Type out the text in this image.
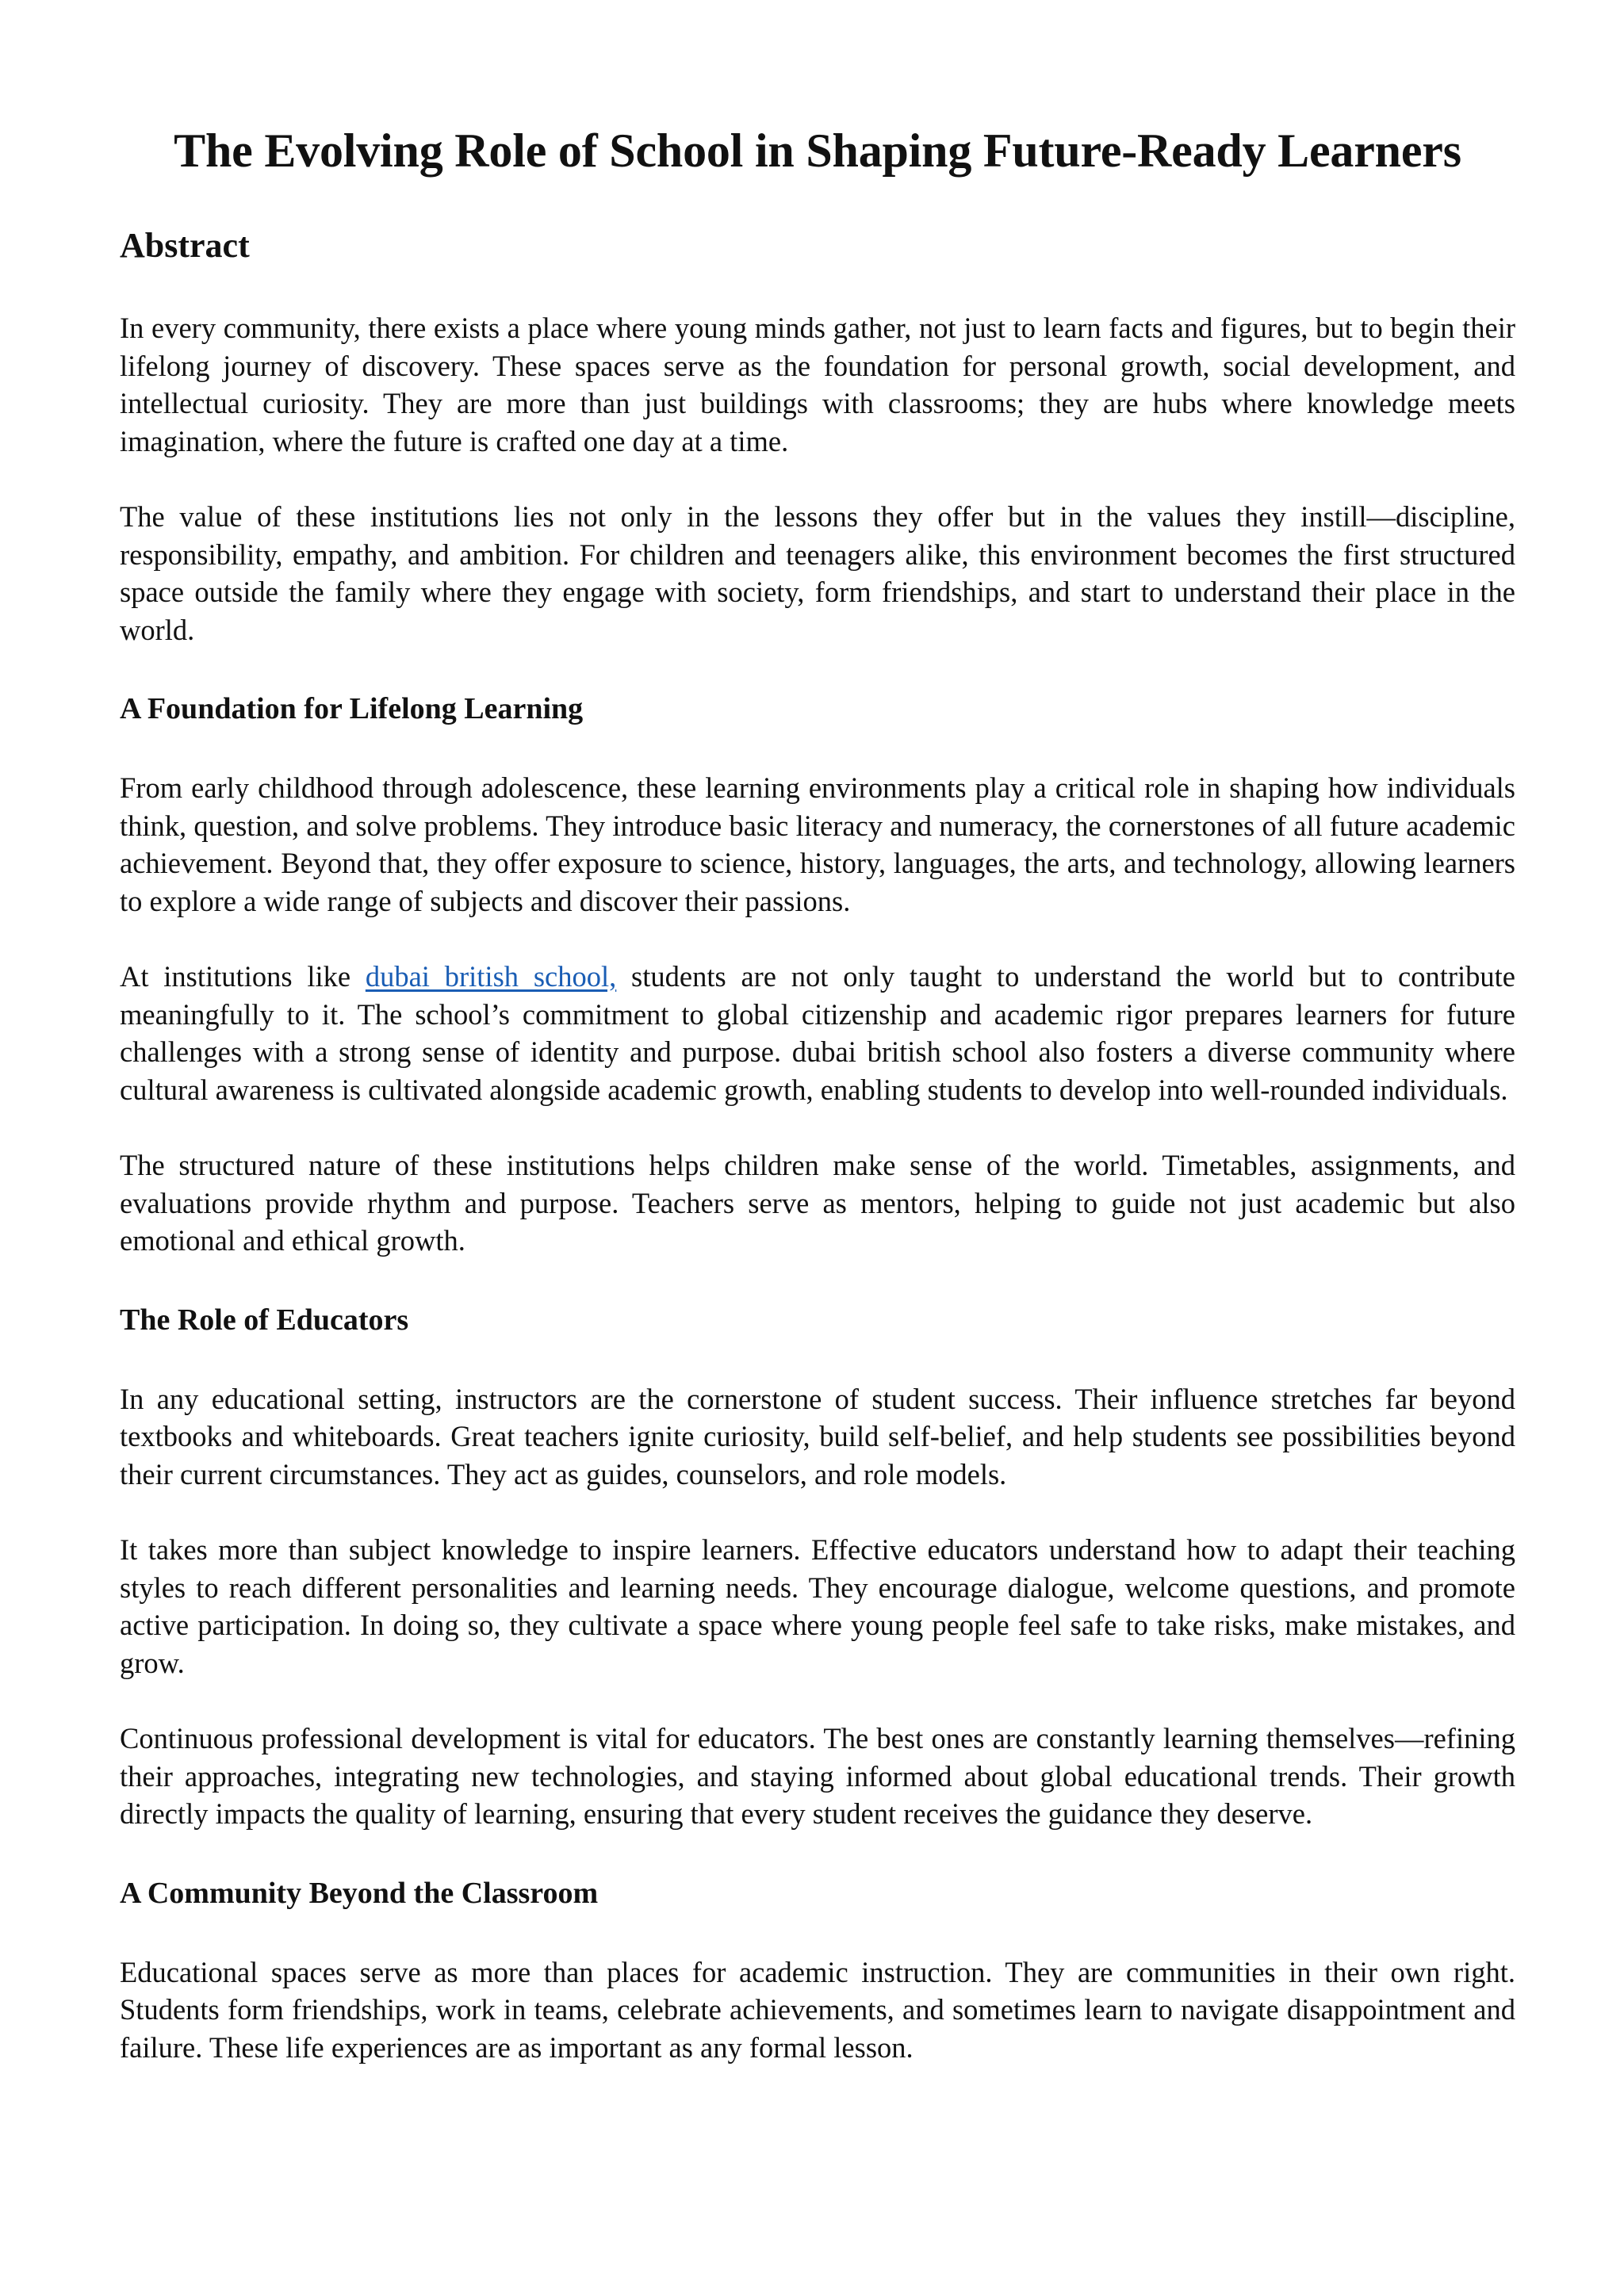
The Evolving Role of School in Shaping Future-Ready Learners
Abstract

In every community, there exists a place where young minds gather, not just to learn facts and figures, but to begin their lifelong journey of discovery. These spaces serve as the foundation for personal growth, social development, and intellectual curiosity. They are more than just buildings with classrooms; they are hubs where knowledge meets imagination, where the future is crafted one day at a time.

The value of these institutions lies not only in the lessons they offer but in the values they instill—discipline, responsibility, empathy, and ambition. For children and teenagers alike, this environment becomes the first structured space outside the family where they engage with society, form friendships, and start to understand their place in the world.

A Foundation for Lifelong Learning

From early childhood through adolescence, these learning environments play a critical role in shaping how individuals think, question, and solve problems. They introduce basic literacy and numeracy, the cornerstones of all future academic achievement. Beyond that, they offer exposure to science, history, languages, the arts, and technology, allowing learners to explore a wide range of subjects and discover their passions.

At institutions like dubai british school, students are not only taught to understand the world but to contribute meaningfully to it. The school’s commitment to global citizenship and academic rigor prepares learners for future challenges with a strong sense of identity and purpose. dubai british school also fosters a diverse community where cultural awareness is cultivated alongside academic growth, enabling students to develop into well-rounded individuals.

The structured nature of these institutions helps children make sense of the world. Timetables, assignments, and evaluations provide rhythm and purpose. Teachers serve as mentors, helping to guide not just academic but also emotional and ethical growth.

The Role of Educators

In any educational setting, instructors are the cornerstone of student success. Their influence stretches far beyond textbooks and whiteboards. Great teachers ignite curiosity, build self-belief, and help students see possibilities beyond their current circumstances. They act as guides, counselors, and role models.

It takes more than subject knowledge to inspire learners. Effective educators understand how to adapt their teaching styles to reach different personalities and learning needs. They encourage dialogue, welcome questions, and promote active participation. In doing so, they cultivate a space where young people feel safe to take risks, make mistakes, and grow.

Continuous professional development is vital for educators. The best ones are constantly learning themselves—refining their approaches, integrating new technologies, and staying informed about global educational trends. Their growth directly impacts the quality of learning, ensuring that every student receives the guidance they deserve.

A Community Beyond the Classroom

Educational spaces serve as more than places for academic instruction. They are communities in their own right. Students form friendships, work in teams, celebrate achievements, and sometimes learn to navigate disappointment and failure. These life experiences are as important as any formal lesson.
